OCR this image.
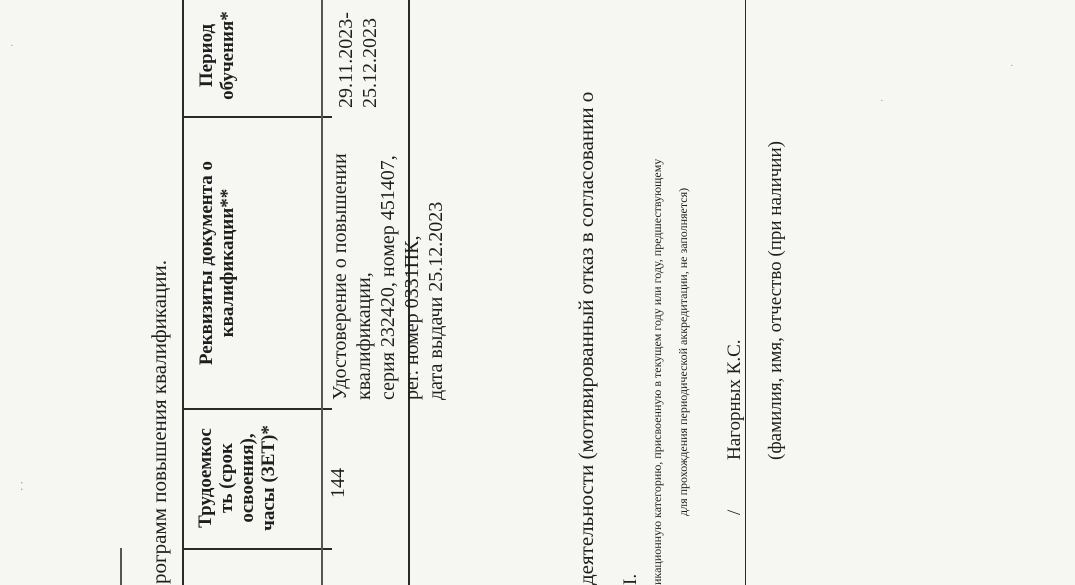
рограмм повышения квалификации. Трудоемкос ть (срок освоения), часы (ЗЕТ)*
Реквизиты документа о квалификации**
Период обучения*
144
Удостоверение о повышении квалификации, серия 232420, номер 451407, рег. номер 0331ПК, дата выдачи 25.12.2023
29.11.2023- 25.12.2023
деятельности (мотивированный отказ в согласовании о I. икационную категорию, присвоенную в текущем году или году, предшествующему для прохождения периодической аккредитации, не заполняется) /
Нагорных К.С. (фамилия, имя, отчество (при наличии)
·
⁚
·
·
